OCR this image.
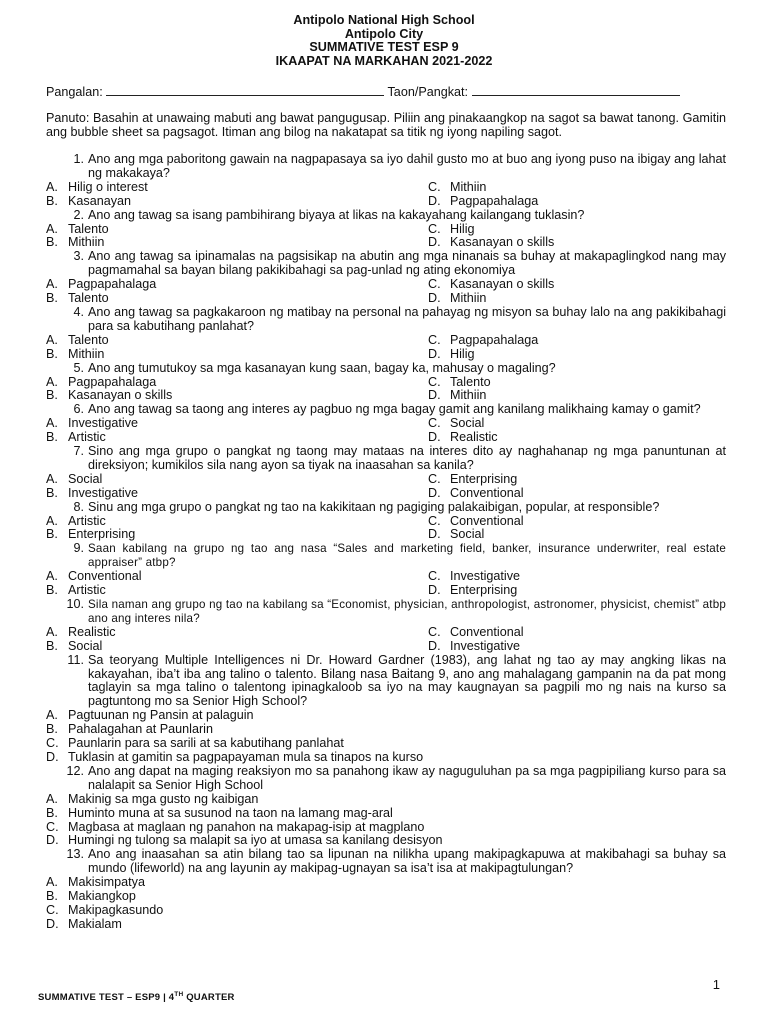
Antipolo National High School
Antipolo City
SUMMATIVE TEST ESP 9
IKAAPAT NA MARKAHAN 2021-2022
Pangalan:	Taon/Pangkat:
Panuto: Basahin at unawaing mabuti ang bawat pangugusap. Piliin ang pinakaangkop na sagot sa bawat tanong. Gamitin ang bubble sheet sa pagsagot. Itiman ang bilog na nakatapat sa titik ng iyong napiling sagot.
1. Ano ang mga paboritong gawain na nagpapasaya sa iyo dahil gusto mo at buo ang iyong puso na ibigay ang lahat ng makakaya?
A. Hilig o interest	C. Mithiin
B. Kasanayan	D. Pagpapahalaga
2. Ano ang tawag sa isang pambihirang biyaya at likas na kakayahang kailangang tuklasin?
A. Talento	C. Hilig
B. Mithiin	D. Kasanayan o skills
3. Ano ang tawag sa ipinamalas na pagsisikap na abutin ang mga ninanais sa buhay at makapaglingkod nang may pagmamahal sa bayan bilang pakikibahagi sa pag-unlad ng ating ekonomiya
A. Pagpapahalaga	C. Kasanayan o skills
B. Talento	D. Mithiin
4. Ano ang tawag sa pagkakaroon ng matibay na personal na pahayag ng misyon sa buhay lalo na ang pakikibahagi para sa kabutihang panlahat?
A. Talento	C. Pagpapahalaga
B. Mithiin	D. Hilig
5. Ano ang tumutukoy sa mga kasanayan kung saan, bagay ka, mahusay o magaling?
A. Pagpapahalaga	C. Talento
B. Kasanayan o skills	D. Mithiin
6. Ano ang tawag sa taong ang interes ay pagbuo ng mga bagay gamit ang kanilang malikhaing kamay o gamit?
A. Investigative	C. Social
B. Artistic	D. Realistic
7. Sino ang mga grupo o pangkat ng taong may mataas na interes dito ay naghahanap ng mga panuntunan at direksiyon; kumikilos sila nang ayon sa tiyak na inaasahan sa kanila?
A. Social	C. Enterprising
B. Investigative	D. Conventional
8. Sinu ang mga grupo o pangkat ng tao na kakikitaan ng pagiging palakaibigan, popular, at responsible?
A. Artistic	C. Conventional
B. Enterprising	D. Social
9. Saan kabilang na grupo ng tao ang nasa “Sales and marketing field, banker, insurance underwriter, real estate appraiser” atbp?
A. Conventional	C. Investigative
B. Artistic	D. Enterprising
10. Sila naman ang grupo ng tao na kabilang sa “Economist, physician, anthropologist, astronomer, physicist, chemist” atbp ano ang interes nila?
A. Realistic	C. Conventional
B. Social	D. Investigative
11. Sa teoryang Multiple Intelligences ni Dr. Howard Gardner (1983), ang lahat ng tao ay may angking likas na kakayahan, iba’t iba ang talino o talento. Bilang nasa Baitang 9, ano ang mahalagang gampanin na da pat mong taglayin sa mga talino o talentong ipinagkaloob sa iyo na may kaugnayan sa pagpili mo ng nais na kurso sa pagtuntong mo sa Senior High School?
A. Pagtuunan ng Pansin at palaguin
B. Pahalagahan at Paunlarin
C. Paunlarin para sa sarili at sa kabutihang panlahat
D. Tuklasin at gamitin sa pagpapayaman mula sa tinapos na kurso
12. Ano ang dapat na maging reaksiyon mo sa panahong ikaw ay naguguluhan pa sa mga pagpipiliang kurso para sa nalalapit sa Senior High School
A. Makinig sa mga gusto ng kaibigan
B. Huminto muna at sa susunod na taon na lamang mag-aral
C. Magbasa at maglaan ng panahon na makapag-isip at magplano
D. Humingi ng tulong sa malapit sa iyo at umasa sa kanilang desisyon
13. Ano ang inaasahan sa atin bilang tao sa lipunan na nilikha upang makipagkapuwa at makibahagi sa buhay sa mundo (lifeworld) na ang layunin ay makipag-ugnayan sa isa’t isa at makipagtulungan?
A. Makisimpatya
B. Makiangkop
C. Makipagkasundo
D. Makialam
SUMMATIVE TEST – ESP9 | 4TH QUARTER
1
